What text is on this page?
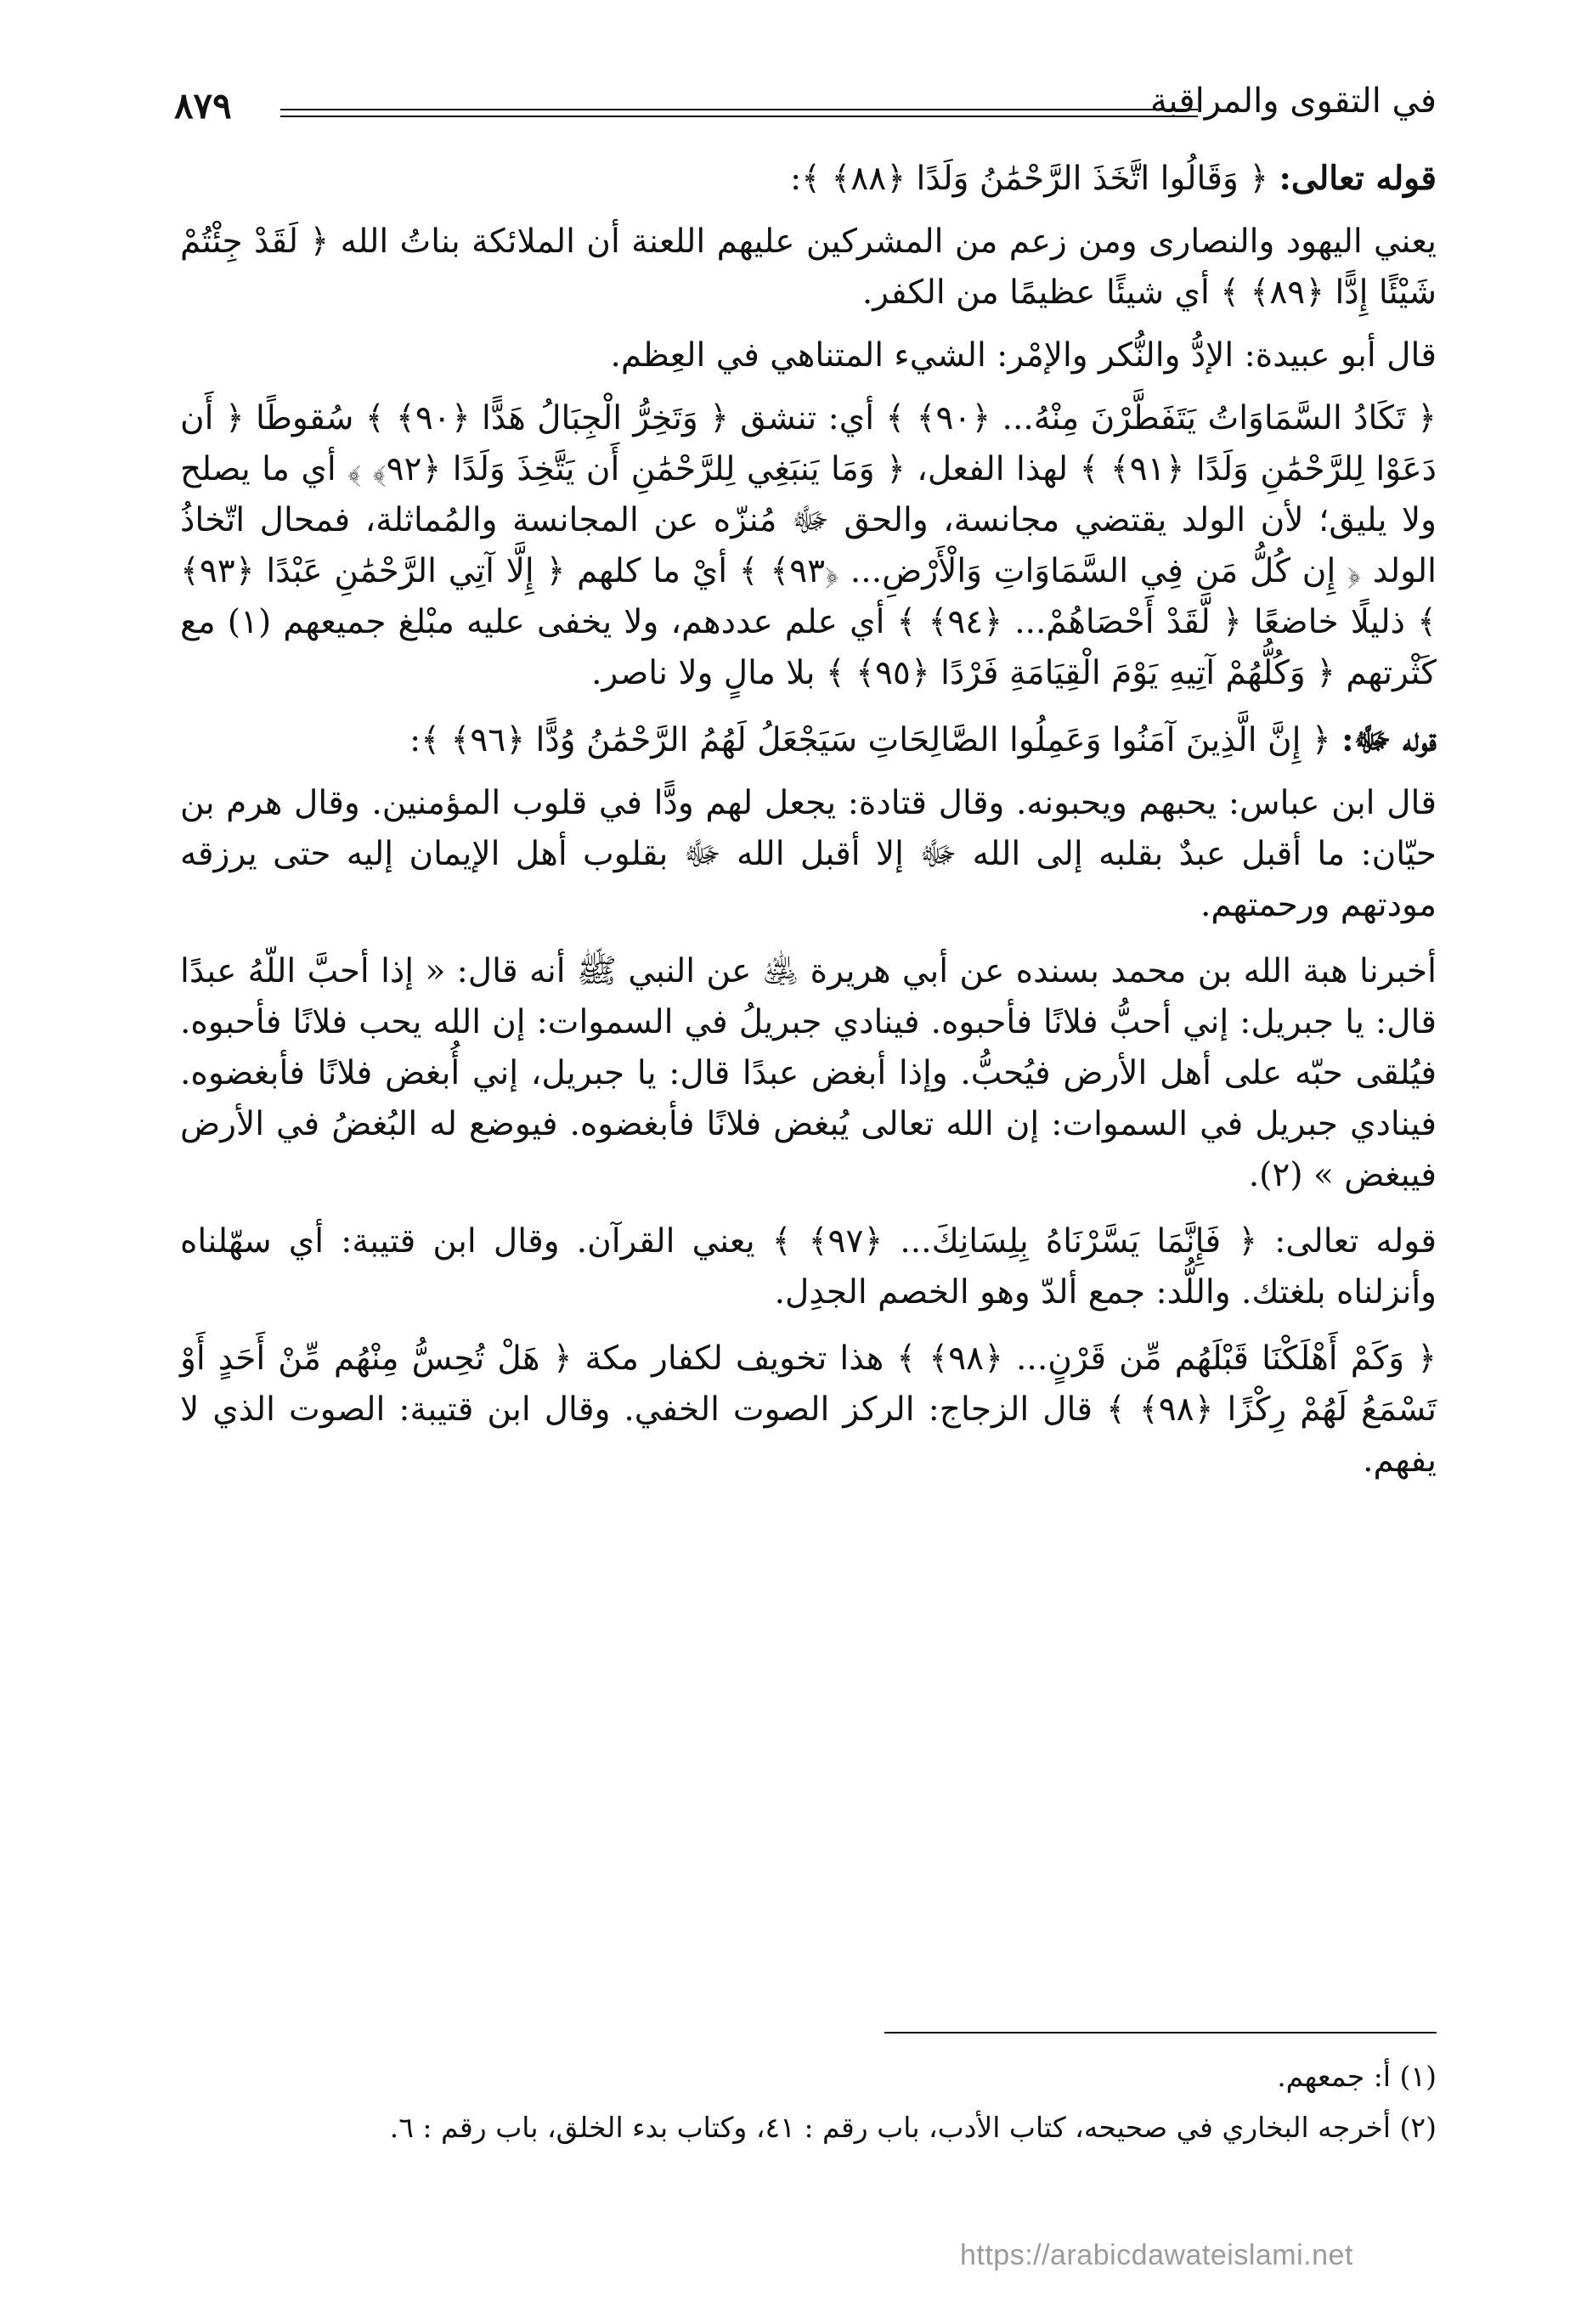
في التقوى والمراقبة
٨٧٩

قوله تعالى: ﴿ وَقَالُوا اتَّخَذَ الرَّحْمَٰنُ وَلَدًا ﴿٨٨﴾ ﴾:

يعني اليهود والنصارى ومن زعم من المشركين عليهم اللعنة أن الملائكة بناتُ الله ﴿ لَقَدْ جِئْتُمْ شَيْئًا إِدًّا ﴿٨٩﴾ ﴾ أي شيئًا عظيمًا من الكفر.

قال أبو عبيدة: الإدُّ والنُّكر والإمْر: الشيء المتناهي في العِظم.

﴿ تَكَادُ السَّمَاوَاتُ يَتَفَطَّرْنَ مِنْهُ... ﴿٩٠﴾ ﴾ أي: تنشق ﴿ وَتَخِرُّ الْجِبَالُ هَدًّا ﴿٩٠﴾ ﴾ سُقوطًا ﴿ أَن دَعَوْا لِلرَّحْمَٰنِ وَلَدًا ﴿٩١﴾ ﴾ لهذا الفعل، ﴿ وَمَا يَنبَغِي لِلرَّحْمَٰنِ أَن يَتَّخِذَ وَلَدًا ﴿٩٢﴾ ﴾ أي ما يصلح ولا يليق؛ لأن الولد يقتضي مجانسة، والحق ﷻ مُنزّه عن المجانسة والمُماثلة، فمحال اتّخاذُ الولد ﴿ إِن كُلُّ مَن فِي السَّمَاوَاتِ وَالْأَرْضِ... ﴿٩٣﴾ ﴾ أيْ ما كلهم ﴿ إِلَّا آتِي الرَّحْمَٰنِ عَبْدًا ﴿٩٣﴾ ﴾ ذليلًا خاضعًا ﴿ لَّقَدْ أَحْصَاهُمْ... ﴿٩٤﴾ ﴾ أي علم عددهم، ولا يخفى عليه مبْلغ جميعهم (١) مع كَثْرتهم ﴿ وَكُلُّهُمْ آتِيهِ يَوْمَ الْقِيَامَةِ فَرْدًا ﴿٩٥﴾ ﴾ بلا مالٍ ولا ناصر.

قوله ﷻ: ﴿ إِنَّ الَّذِينَ آمَنُوا وَعَمِلُوا الصَّالِحَاتِ سَيَجْعَلُ لَهُمُ الرَّحْمَٰنُ وُدًّا ﴿٩٦﴾ ﴾:

قال ابن عباس: يحبهم ويحبونه. وقال قتادة: يجعل لهم ودًّا في قلوب المؤمنين. وقال هرم بن حيّان: ما أقبل عبدٌ بقلبه إلى الله ﷻ إلا أقبل الله ﷻ بقلوب أهل الإيمان إليه حتى يرزقه مودتهم ورحمتهم.

أخبرنا هبة الله بن محمد بسنده عن أبي هريرة ﵁ عن النبي ﷺ أنه قال: « إذا أحبَّ اللّهُ عبدًا قال: يا جبريل: إني أحبُّ فلانًا فأحبوه. فينادي جبريلُ في السموات: إن الله يحب فلانًا فأحبوه. فيُلقى حبّه على أهل الأرض فيُحبُّ. وإذا أبغض عبدًا قال: يا جبريل، إني أُبغض فلانًا فأبغضوه. فينادي جبريل في السموات: إن الله تعالى يُبغض فلانًا فأبغضوه. فيوضع له البُغضُ في الأرض فيبغض » (٢).

قوله تعالى: ﴿ فَإِنَّمَا يَسَّرْنَاهُ بِلِسَانِكَ... ﴿٩٧﴾ ﴾ يعني القرآن. وقال ابن قتيبة: أي سهّلناه وأنزلناه بلغتك. واللُّد: جمع ألدّ وهو الخصم الجدِل.

﴿ وَكَمْ أَهْلَكْنَا قَبْلَهُم مِّن قَرْنٍ... ﴿٩٨﴾ ﴾ هذا تخويف لكفار مكة ﴿ هَلْ تُحِسُّ مِنْهُم مِّنْ أَحَدٍ أَوْ تَسْمَعُ لَهُمْ رِكْزًا ﴿٩٨﴾ ﴾ قال الزجاج: الركز الصوت الخفي. وقال ابن قتيبة: الصوت الذي لا يفهم.

(١) أ: جمعهم.

(٢) أخرجه البخاري في صحيحه، كتاب الأدب، باب رقم : ٤١، وكتاب بدء الخلق، باب رقم : ٦.

https://arabicdawateislami.net
